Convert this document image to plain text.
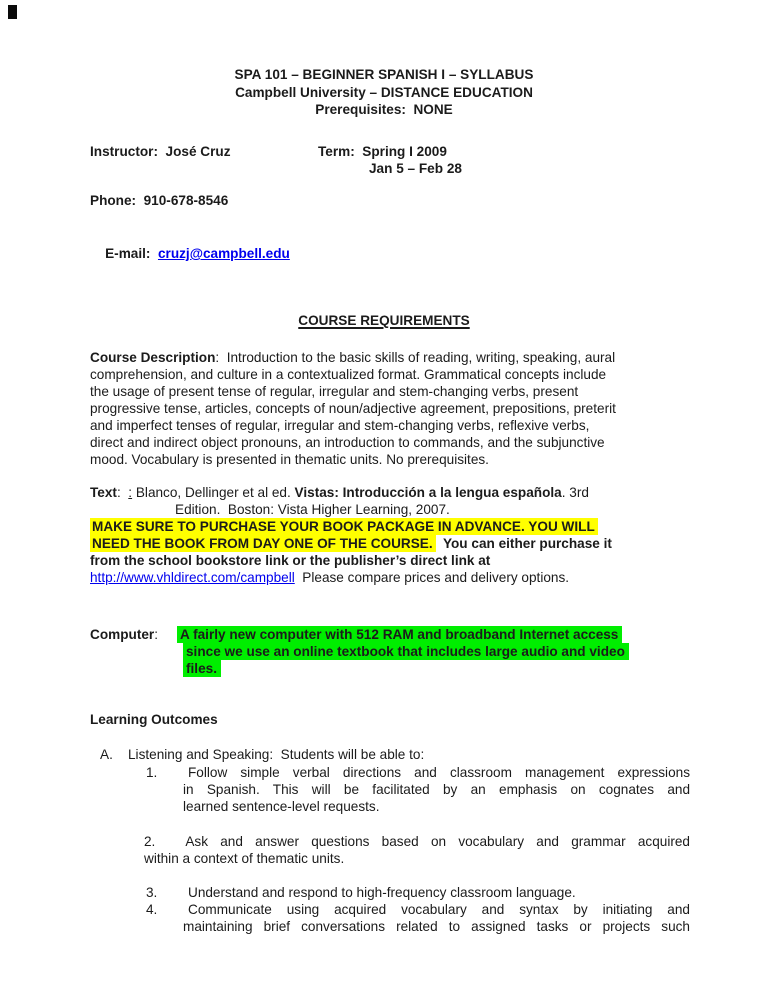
SPA 101 – BEGINNER SPANISH I – SYLLABUS
Campbell University – DISTANCE EDUCATION
Prerequisites:  NONE
Instructor:  José Cruz	Term:  Spring I 2009
Jan 5 – Feb 28
Phone:  910-678-8546

E-mail:  cruzj@campbell.edu

COURSE REQUIREMENTS
Course Description:  Introduction to the basic skills of reading, writing, speaking, aural
comprehension, and culture in a contextualized format. Grammatical concepts include
the usage of present tense of regular, irregular and stem-changing verbs, present
progressive tense, articles, concepts of noun/adjective agreement, prepositions, preterit
and imperfect tenses of regular, irregular and stem-changing verbs, reflexive verbs,
direct and indirect object pronouns, an introduction to commands, and the subjunctive
mood. Vocabulary is presented in thematic units. No prerequisites.
Text:  : Blanco, Dellinger et al ed. Vistas: Introducción a la lengua española. 3rd
Edition.  Boston: Vista Higher Learning, 2007.
MAKE SURE TO PURCHASE YOUR BOOK PACKAGE IN ADVANCE. YOU WILL
NEED THE BOOK FROM DAY ONE OF THE COURSE.  You can either purchase it
from the school bookstore link or the publisher’s direct link at
http://www.vhldirect.com/campbell  Please compare prices and delivery options.
Computer:	A fairly new computer with 512 RAM and broadband Internet access
since we use an online textbook that includes large audio and video
files.
Learning Outcomes
A.	Listening and Speaking:  Students will be able to:
1.	Follow simple verbal directions and classroom management expressions
in Spanish. This will be facilitated by an emphasis on cognates and
learned sentence-level requests.
2. Ask and answer questions based on vocabulary and grammar acquired
within a context of thematic units.
3.	Understand and respond to high-frequency classroom language.
4.	Communicate using acquired vocabulary and syntax by initiating and
maintaining brief conversations related to assigned tasks or projects such
